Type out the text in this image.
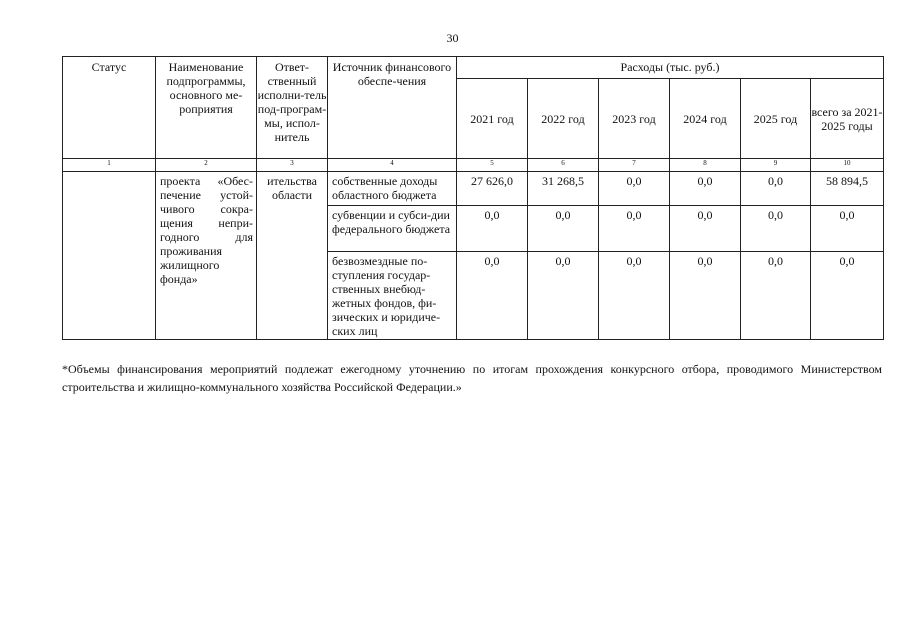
30
Статус	Наименование подпрограммы, основного ме-роприятия	Ответ-ственный исполни-тель под-програм-мы, испол-нитель	Источник финансового обеспе-чения	Расходы (тыс. руб.)					
				2021 год	2022 год	2023 год	2024 год	2025 год	всего за 2021-2025 годы
1	2	3	4	5	6	7	8	9	10
	проекта «Обес-печение устой-чивого сокра-щения непри-годного для проживания жилищного фонда»	ительства области	собственные доходы областного бюджета	27 626,0	31 268,5	0,0	0,0	0,0	58 894,5
			субвенции и субси-дии федерального бюджета	0,0	0,0	0,0	0,0	0,0	0,0
			безвозмездные по-ступления государ-ственных внебюд-жетных фондов, фи-зических и юридиче-ских лиц	0,0	0,0	0,0	0,0	0,0	0,0
*Объемы финансирования мероприятий подлежат ежегодному уточнению по итогам прохождения конкурсного отбора, проводимого Министерством строительства и жилищно-коммунального хозяйства Российской Федерации.»
